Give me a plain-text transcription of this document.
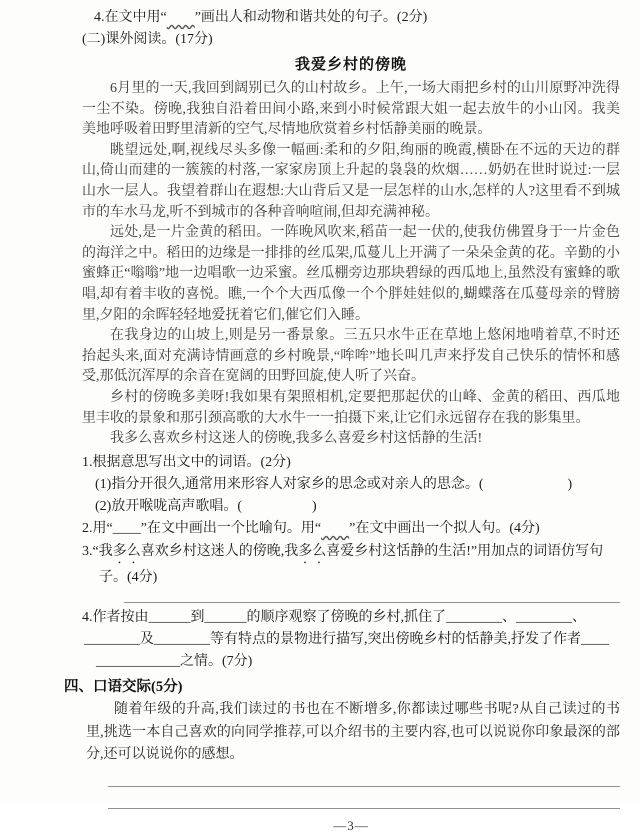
4.在文中用“　　 ”画出人和动物和谐共处的句子。(2分)
(二)课外阅读。(17分)
我爱乡村的傍晚

6月里的一天,我回到阔别已久的山村故乡。上午,一场大雨把乡村的山川原野冲洗得一尘不染。傍晚,我独自沿着田间小路,来到小时候常跟大姐一起去放牛的小山冈。我美美地呼吸着田野里清新的空气,尽情地欣赏着乡村恬静美丽的晚景。

眺望远处,啊,视线尽头多像一幅画:柔和的夕阳,绚丽的晚霞,横卧在不远的天边的群山,倚山而建的一簇簇的村落,一家家房顶上升起的袅袅的炊烟……奶奶在世时说过:一层山水一层人。我望着群山在遐想:大山背后又是一层怎样的山水,怎样的人?这里看不到城市的车水马龙,听不到城市的各种音响喧闹,但却充满神秘。

远处,是一片金黄的稻田。一阵晚风吹来,稻苗一起一伏的,使我仿佛置身于一片金色的海洋之中。稻田的边缘是一排排的丝瓜架,瓜蔓儿上开满了一朵朵金黄的花。辛勤的小蜜蜂正“嗡嗡”地一边唱歌一边采蜜。丝瓜棚旁边那块碧绿的西瓜地上,虽然没有蜜蜂的歌唱,却有着丰收的喜悦。瞧,一个个大西瓜像一个个胖娃娃似的,蝴蝶落在瓜蔓母亲的臂膀里,夕阳的余晖轻轻地爱抚着它们,催它们入睡。

在我身边的山坡上,则是另一番景象。三五只水牛正在草地上悠闲地啃着草,不时还抬起头来,面对充满诗情画意的乡村晚景,“哞哞”地长叫几声来抒发自己快乐的情怀和感受,那低沉浑厚的余音在宽阔的田野回旋,使人听了兴奋。

乡村的傍晚多美呀!我如果有架照相机,定要把那起伏的山峰、金黄的稻田、西瓜地里丰收的景象和那引颈高歌的大水牛一一拍摄下来,让它们永远留存在我的影集里。

我多么喜欢乡村这迷人的傍晚,我多么喜爱乡村这恬静的生活!

1.根据意思写出文中的词语。(2分)
(1)指分开很久,通常用来形容人对家乡的思念或对亲人的思念。(　　　　　　)
(2)放开喉咙高声歌唱。(　　　　　)
2.用“____”在文中画出一个比喻句。用“　　 ”在文中画出一个拟人句。(4分)
3.“我多么喜欢乡村这迷人的傍晚,我多么喜爱乡村这恬静的生活!”用加点的词语仿写句子。(4分)
4.作者按由______到______的顺序观察了傍晚的乡村,抓住了________、________、
________及________等有特点的景物进行描写,突出傍晚乡村的恬静美,抒发了作者____
____________之情。(7分)
四、口语交际(5分)

随着年级的升高,我们读过的书也在不断增多,你都读过哪些书呢?从自己读过的书里,挑选一本自己喜欢的向同学推荐,可以介绍书的主要内容,也可以说说你印象最深的部分,还可以说说你的感想。

—3—
